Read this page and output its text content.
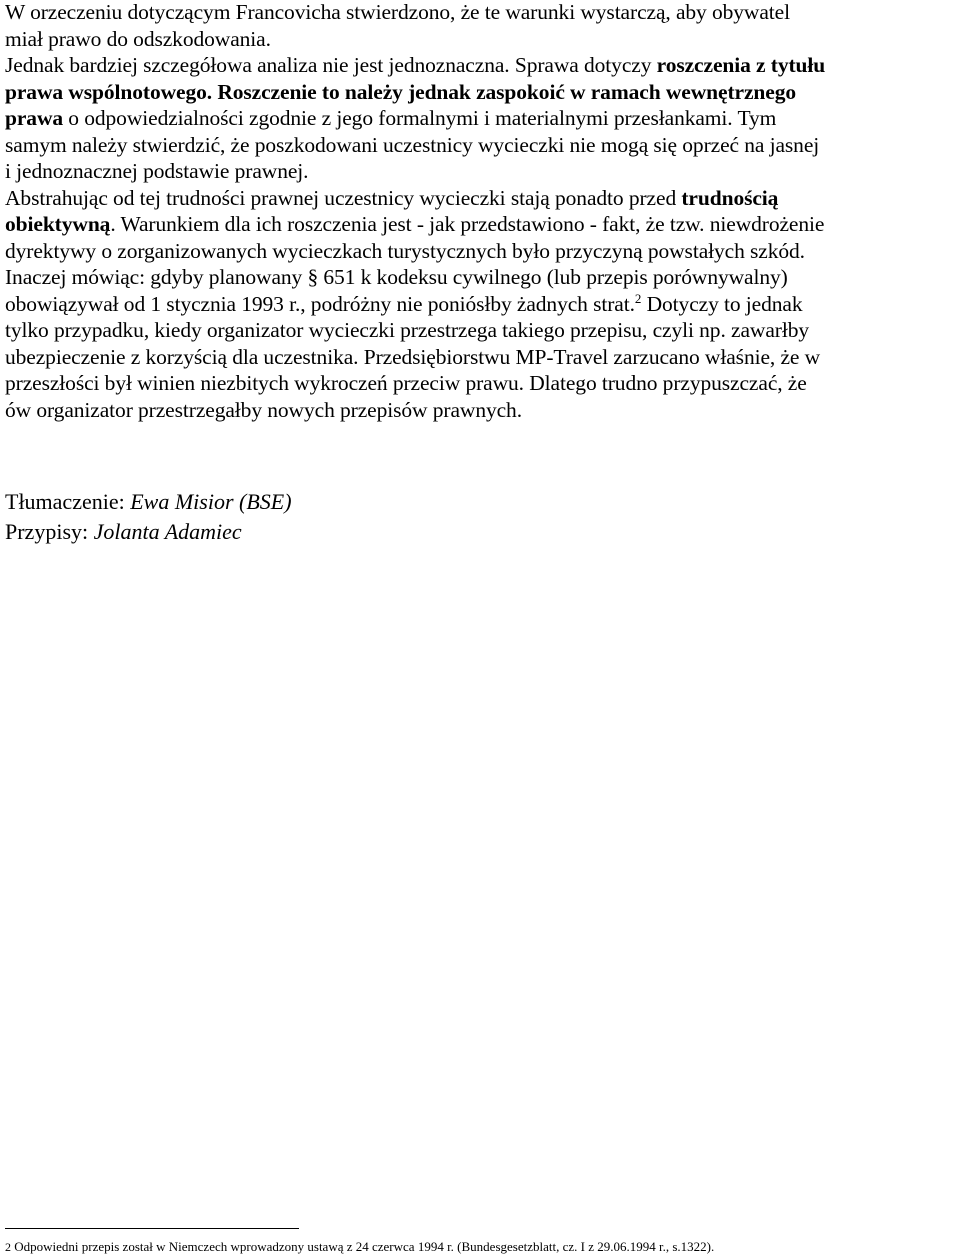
W orzeczeniu dotyczącym Francovicha stwierdzono, że te warunki wystarczą, aby obywatel
miał prawo do odszkodowania.
Jednak bardziej szczegółowa analiza nie jest jednoznaczna. Sprawa dotyczy roszczenia z tytułu
prawa wspólnotowego. Roszczenie to należy jednak zaspokoić w ramach wewnętrznego
prawa o odpowiedzialności zgodnie z jego formalnymi i materialnymi przesłankami. Tym
samym należy stwierdzić, że poszkodowani uczestnicy wycieczki nie mogą się oprzeć na jasnej
i jednoznacznej podstawie prawnej.
Abstrahując od tej trudności prawnej uczestnicy wycieczki stają ponadto przed trudnością
obiektywną. Warunkiem dla ich roszczenia jest - jak przedstawiono - fakt, że tzw. niewdrożenie
dyrektywy o zorganizowanych wycieczkach turystycznych było przyczyną powstałych szkód.
Inaczej mówiąc: gdyby planowany § 651 k kodeksu cywilnego (lub przepis porównywalny)
obowiązywał od 1 stycznia 1993 r., podróżny nie poniósłby żadnych strat.$^2$ Dotyczy to jednak
tylko przypadku, kiedy organizator wycieczki przestrzega takiego przepisu, czyli np. zawarłby
ubezpieczenie z korzyścią dla uczestnika. Przedsiębiorstwu MP-Travel zarzucano właśnie, że w
przeszłości był winien niezbitych wykroczeń przeciw prawu. Dlatego trudno przypuszczać, że
ów organizator przestrzegałby nowych przepisów prawnych.
Tłumaczenie: Ewa Misior (BSE)
Przypisy: Jolanta Adamiec
2 Odpowiedni przepis został w Niemczech wprowadzony ustawą z 24 czerwca 1994 r. (Bundesgesetzblatt, cz. I z 29.06.1994 r., s.1322).
